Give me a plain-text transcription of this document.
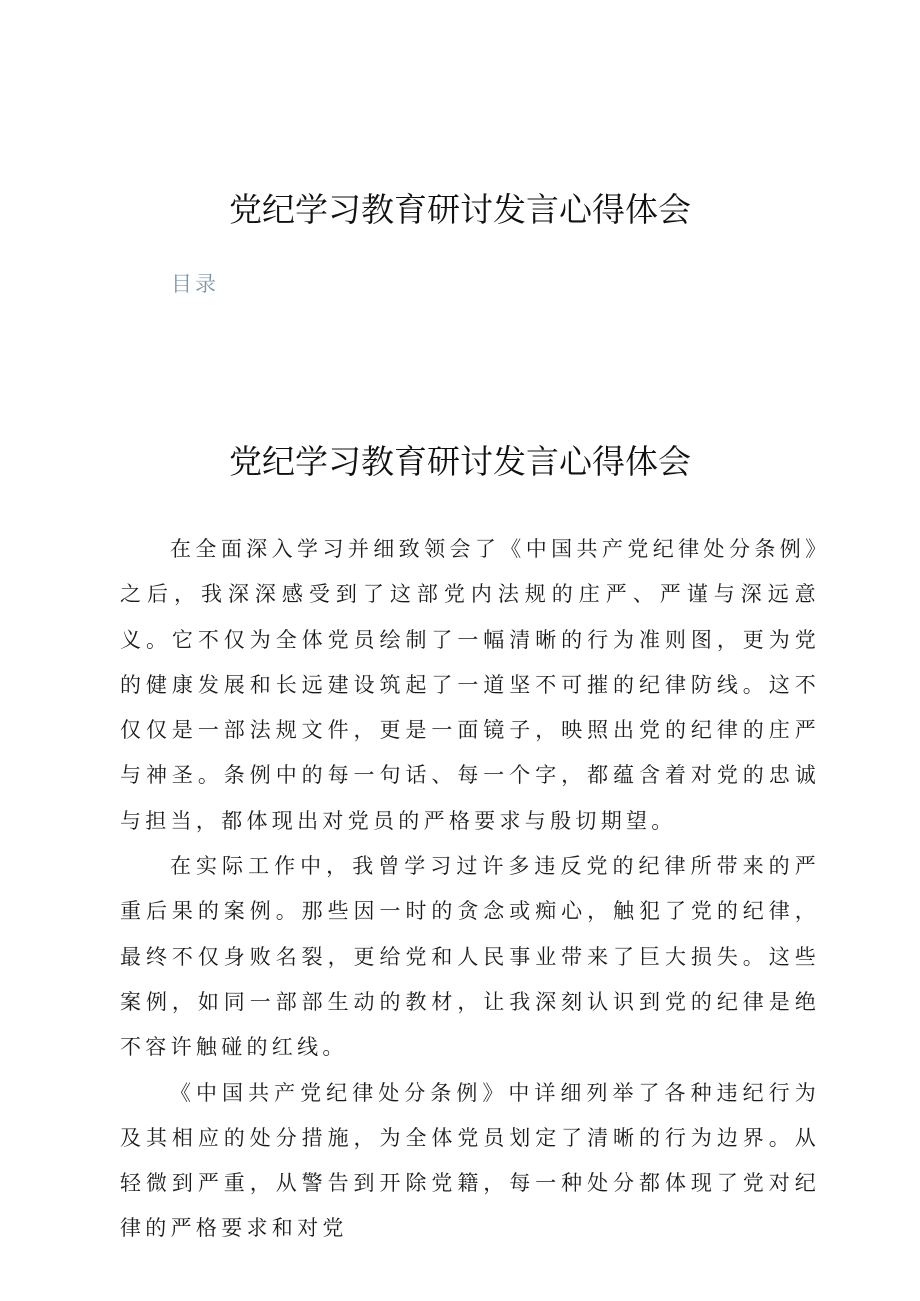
党纪学习教育研讨发言心得体会
目录
党纪学习教育研讨发言心得体会

在全面深入学习并细致领会了《中国共产党纪律处分条例》之后，我深深感受到了这部党内法规的庄严、严谨与深远意义。它不仅为全体党员绘制了一幅清晰的行为准则图，更为党的健康发展和长远建设筑起了一道坚不可摧的纪律防线。这不仅仅是一部法规文件，更是一面镜子，映照出党的纪律的庄严与神圣。条例中的每一句话、每一个字，都蕴含着对党的忠诚与担当，都体现出对党员的严格要求与殷切期望。

在实际工作中，我曾学习过许多违反党的纪律所带来的严重后果的案例。那些因一时的贪念或痴心，触犯了党的纪律，最终不仅身败名裂，更给党和人民事业带来了巨大损失。这些案例，如同一部部生动的教材，让我深刻认识到党的纪律是绝不容许触碰的红线。

《中国共产党纪律处分条例》中详细列举了各种违纪行为及其相应的处分措施，为全体党员划定了清晰的行为边界。从轻微到严重，从警告到开除党籍，每一种处分都体现了党对纪律的严格要求和对党
